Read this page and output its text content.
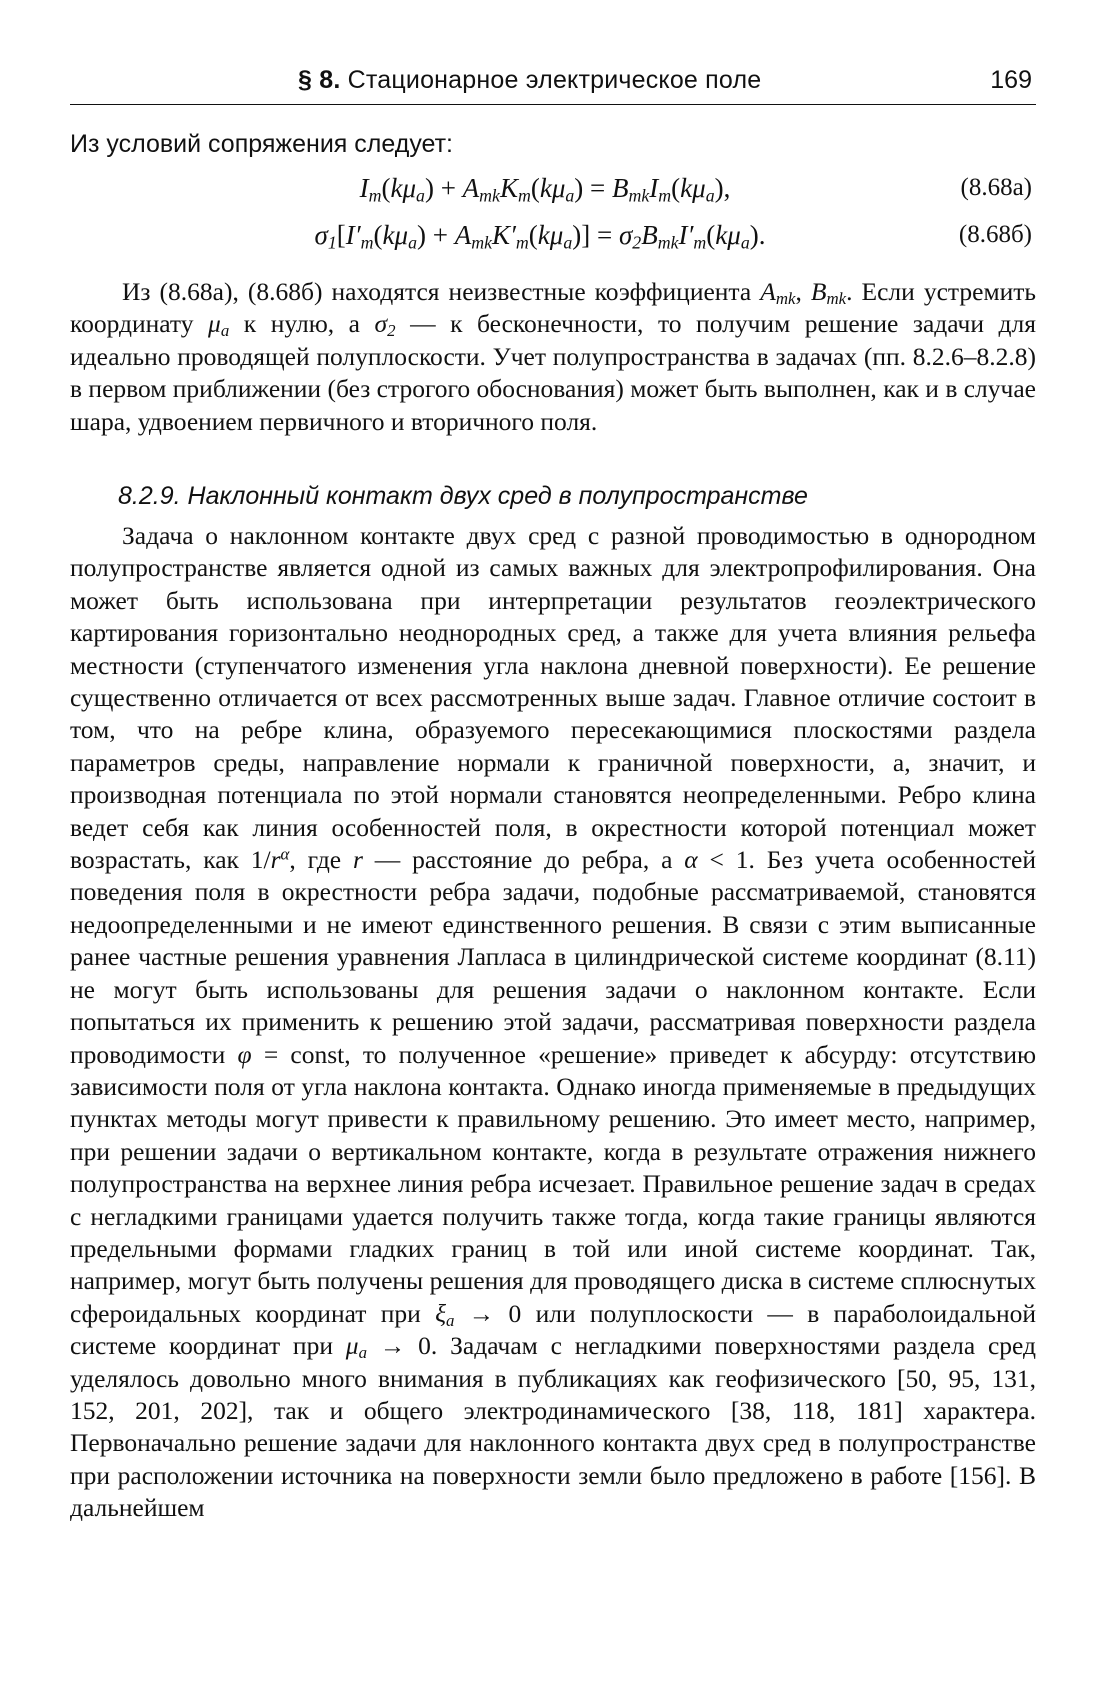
§ 8. Стационарное электрическое поле	169
Из условий сопряжения следует:
$I_m(k\mu_a) + A_{mk}K_m(k\mu_a) = B_{mk}I_m(k\mu_a)$,	(8.68а)
$\sigma_1[I'_m(k\mu_a) + A_{mk}K'_m(k\mu_a)] = \sigma_2B_{mk}I'_m(k\mu_a)$.	(8.68б)

Из (8.68а), (8.68б) находятся неизвестные коэффициента $A_{mk}$, $B_{mk}$. Если устремить координату $\mu_a$ к нулю, а $\sigma_2$ — к бесконечности, то получим решение задачи для идеально проводящей полуплоскости. Учет полупространства в задачах (пп. 8.2.6–8.2.8) в первом приближении (без строгого обоснования) может быть выполнен, как и в случае шара, удвоением первичного и вторичного поля.

8.2.9. Наклонный контакт двух сред в полупространстве

Задача о наклонном контакте двух сред с разной проводимостью в однородном полупространстве является одной из самых важных для электропрофилирования. Она может быть использована при интерпретации результатов геоэлектрического картирования горизонтально неоднородных сред, а также для учета влияния рельефа местности (ступенчатого изменения угла наклона дневной поверхности). Ее решение существенно отличается от всех рассмотренных выше задач. Главное отличие состоит в том, что на ребре клина, образуемого пересекающимися плоскостями раздела параметров среды, направление нормали к граничной поверхности, а, значит, и производная потенциала по этой нормали становятся неопределенными. Ребро клина ведет себя как линия особенностей поля, в окрестности которой потенциал может возрастать, как $1/r^\alpha$, где r — расстояние до ребра, а α < 1. Без учета особенностей поведения поля в окрестности ребра задачи, подобные рассматриваемой, становятся недоопределенными и не имеют единственного решения. В связи с этим выписанные ранее частные решения уравнения Лапласа в цилиндрической системе координат (8.11) не могут быть использованы для решения задачи о наклонном контакте. Если попытаться их применить к решению этой задачи, рассматривая поверхности раздела проводимости φ = const, то полученное «решение» приведет к абсурду: отсутствию зависимости поля от угла наклона контакта. Однако иногда применяемые в предыдущих пунктах методы могут привести к правильному решению. Это имеет место, например, при решении задачи о вертикальном контакте, когда в результате отражения нижнего полупространства на верхнее линия ребра исчезает. Правильное решение задач в средах с негладкими границами удается получить также тогда, когда такие границы являются предельными формами гладких границ в той или иной системе координат. Так, например, могут быть получены решения для проводящего диска в системе сплюснутых сфероидальных координат при $\xi_a \to 0$ или полуплоскости — в параболоидальной системе координат при $\mu_a \to 0$. Задачам с негладкими поверхностями раздела сред уделялось довольно много внимания в публикациях как геофизического [50, 95, 131, 152, 201, 202], так и общего электродинамического [38, 118, 181] характера. Первоначально решение задачи для наклонного контакта двух сред в полупространстве при расположении источника на поверхности земли было предложено в работе [156]. В дальнейшем
